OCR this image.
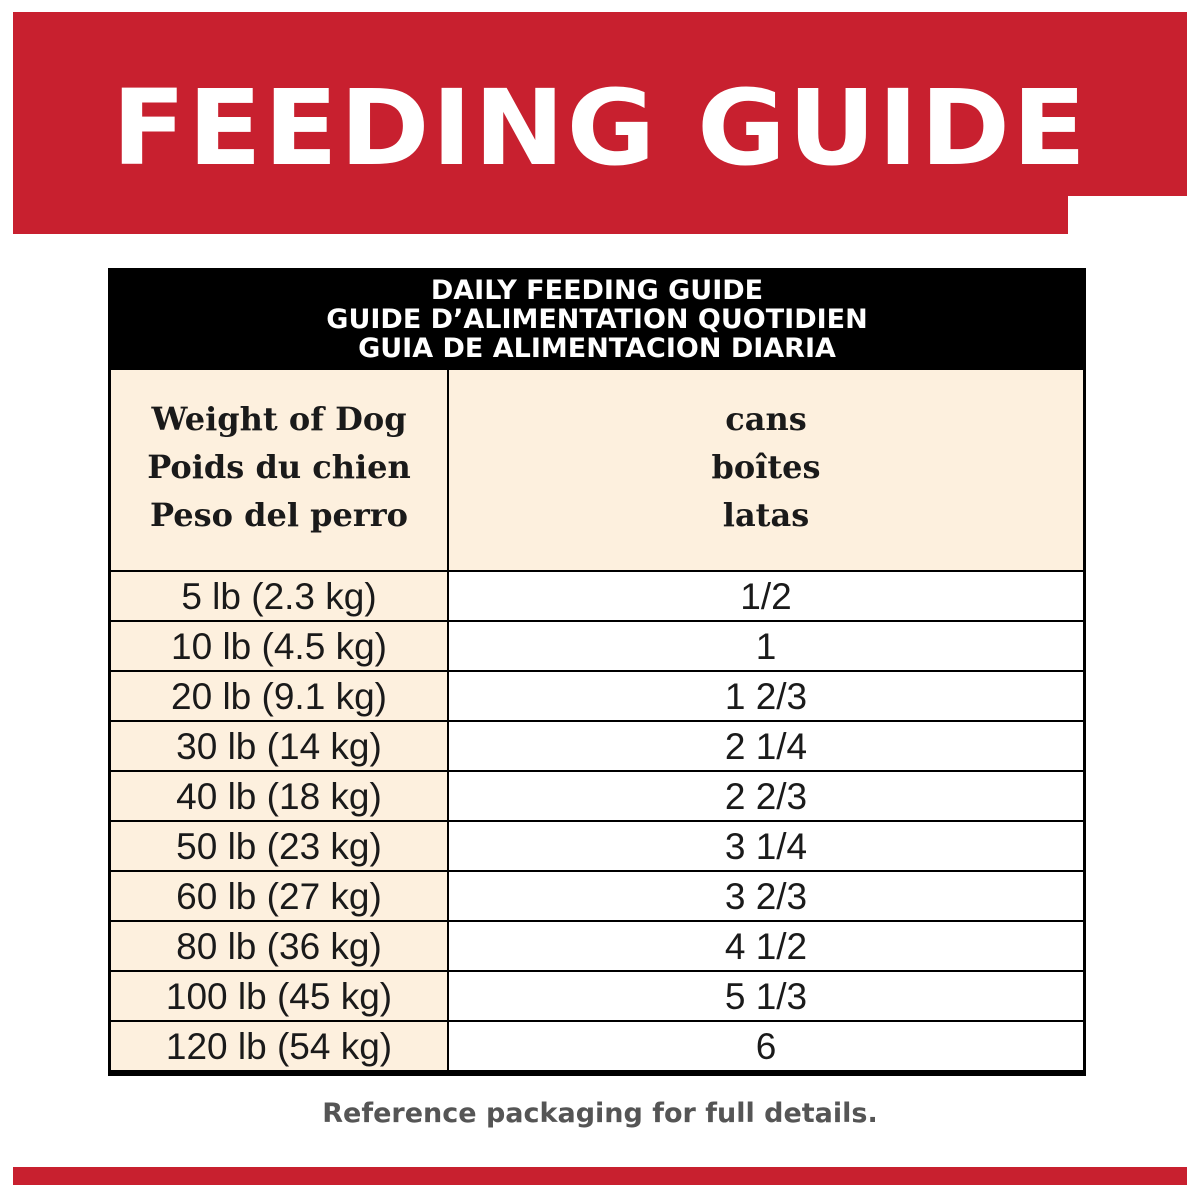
FEEDING GUIDE
DAILY FEEDING GUIDE
GUIDE D’ALIMENTATION QUOTIDIEN
GUIA DE ALIMENTACION DIARIA
Weight of Dog
Poids du chien
Peso del perro
cans
boîtes
latas
5 lb (2.3 kg)	1/2
10 lb (4.5 kg)	1
20 lb (9.1 kg)	1 2/3
30 lb (14 kg)	2 1/4
40 lb (18 kg)	2 2/3
50 lb (23 kg)	3 1/4
60 lb (27 kg)	3 2/3
80 lb (36 kg)	4 1/2
100 lb (45 kg)	5 1/3
120 lb (54 kg)	6
Reference packaging for full details.
